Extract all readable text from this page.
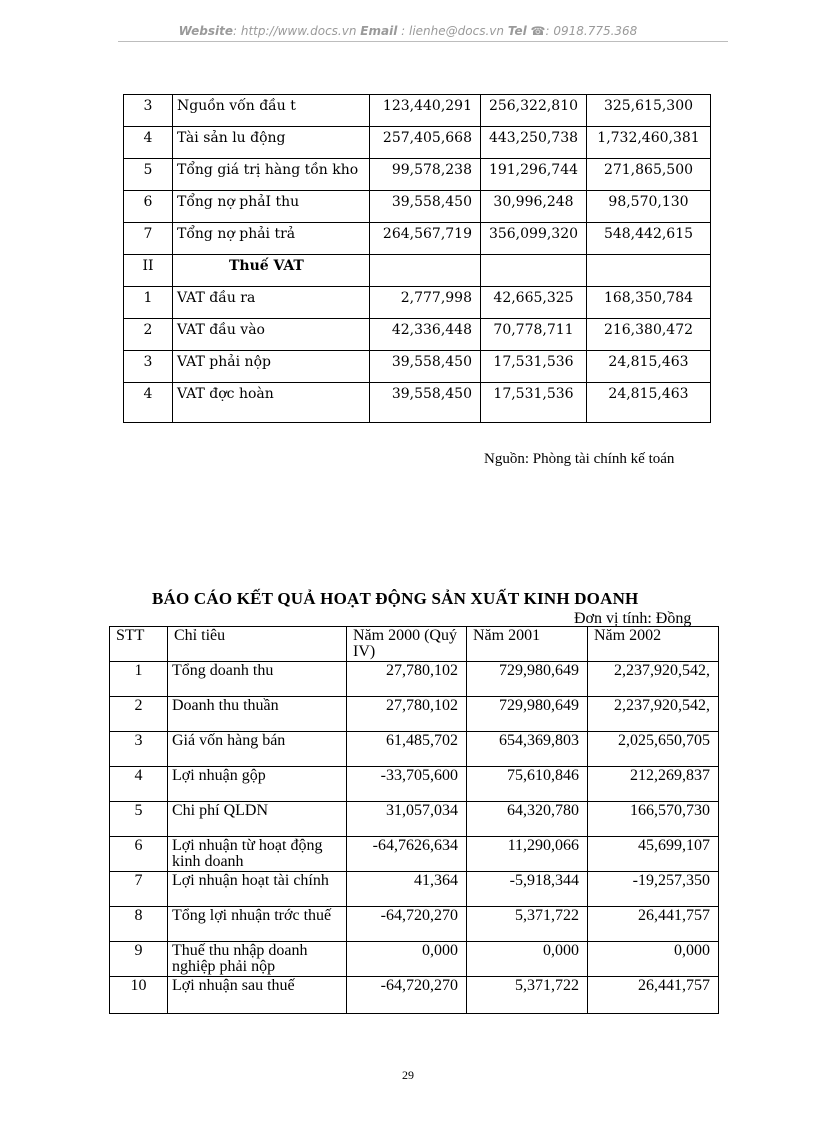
Website: http://www.docs.vn Email : lienhe@docs.vn Tel ☎: 0918.775.368
3	Nguồn vốn đầu t	123,440,291	256,322,810	325,615,300
4	Tài sản lu động	257,405,668	443,250,738	1,732,460,381
5	Tổng giá trị hàng tồn kho	99,578,238	191,296,744	271,865,500
6	Tổng nợ phảI thu	39,558,450	30,996,248	98,570,130
7	Tổng nợ phải trả	264,567,719	356,099,320	548,442,615
II	Thuế VAT			
1	VAT đầu ra	2,777,998	42,665,325	168,350,784
2	VAT đầu vào	42,336,448	70,778,711	216,380,472
3	VAT phải nộp	39,558,450	17,531,536	24,815,463
4	VAT đợc hoàn	39,558,450	17,531,536	24,815,463
Nguồn: Phòng tài chính kế toán
BÁO CÁO KẾT QUẢ HOẠT ĐỘNG SẢN XUẤT KINH DOANH
Đơn vị tính: Đồng
STT	Chỉ tiêu	Năm 2000 (Quý IV)	Năm 2001	Năm 2002
1	Tổng doanh thu	27,780,102	729,980,649	2,237,920,542,
2	Doanh thu thuần	27,780,102	729,980,649	2,237,920,542,
3	Giá vốn hàng bán	61,485,702	654,369,803	2,025,650,705
4	Lợi nhuận gộp	-33,705,600	75,610,846	212,269,837
5	Chi phí QLDN	31,057,034	64,320,780	166,570,730
6	Lợi nhuận từ hoạt động kinh doanh	-64,7626,634	11,290,066	45,699,107
7	Lợi nhuận hoạt tài chính	41,364	-5,918,344	-19,257,350
8	Tổng lợi nhuận trớc thuế	-64,720,270	5,371,722	26,441,757
9	Thuế thu nhập doanh nghiệp phải nộp	0,000	0,000	0,000
10	Lợi nhuận sau thuế	-64,720,270	5,371,722	26,441,757
29
